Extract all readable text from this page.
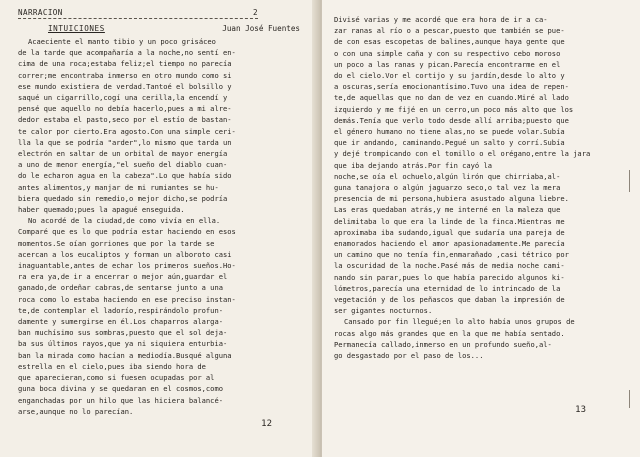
NARRACION	2
INTUICIONES	Juan José Fuentes
Acaeciente el manto tibio y un poco grisáceo
de la tarde que acompañaría a la noche,no sentí en-
cima de una roca;estaba feliz;el tiempo no parecía
correr;me encontraba inmerso en otro mundo como si
ese mundo existiera de verdad.Tantoé el bolsillo y
saqué un cigarrillo,cogí una cerilla,la encendí y
pensé que aquello no debía hacerlo,pues a mi alre-
dedor estaba el pasto,seco por el estío de bastan-
te calor por cierto.Era agosto.Con una simple ceri-
lla la que se podría "arder",lo mismo que tarda un
electrón en saltar de un orbital de mayor energía
a uno de menor energía,"el sueño del diablo cuan-
do le echaron agua en la cabeza".Lo que había sido
antes alimentos,y manjar de mi rumiantes se hu-
biera quedado sin remedio,o mejor dicho,se podría
haber quemado;pues la apagué enseguida.
No acordé de la ciudad,de como vivía en ella.
Comparé que es lo que podría estar haciendo en esos
momentos.Se oían gorriones que por la tarde se
acercan a los eucaliptos y forman un alboroto casi
inaguantable,antes de echar los primeros sueños.Ho-
ra era ya,de ir a encerrar o mejor aún,guardar el
ganado,de ordeñar cabras,de sentarse junto a una
roca como lo estaba haciendo en ese preciso instan-
te,de contemplar el ladorío,respirándolo profun-
damente y sumergirse en él.Los chaparros alarga-
ban muchísimo sus sombras,puesto que el sol deja-
ba sus últimos rayos,que ya ni siquiera enturbia-
ban la mirada como hacían a mediodía.Busqué alguna
estrella en el cielo,pues iba siendo hora de
que aparecieran,como si fuesen ocupadas por al
guna boca divina y se quedaran en el cosmos,como
enganchadas por un hilo que las hiciera balancé-
arse,aunque no lo parecían.
12
Divisé varias y me acordé que era hora de ir a ca-
zar ranas al río o a pescar,puesto que también se pue-
de con esas escopetas de balines,aunque haya gente que
o con una simple caña y con su respectivo cebo moroso
un poco a las ranas y pican.Parecía encontrarme en el
do el cielo.Vor el cortijo y su jardín,desde lo alto y
a oscuras,sería emocionantísimo.Tuvo una idea de repen-
te,de aquellas que no dan de vez en cuando.Miré al lado
izquierdo y me fijé en un cerro,un poco más alto que los
demás.Tenía que verlo todo desde allí arriba;puesto que
el género humano no tiene alas,no se puede volar.Subía
que ir andando, caminando.Pegué un salto y corrí.Subía
y dejé trompicando con el tomillo o el orégano,entre la jara
que iba dejando atrás.Por fin cayó la
noche,se oía el ochuelo,algún lirón que chirriaba,al-
guna tanajora o algún jaguarzo seco,o tal vez la mera
presencia de mi persona,hubiera asustado alguna liebre.
Las eras quedaban atrás,y me interné en la maleza que
delimitaba lo que era la linde de la finca.Mientras me
aproximaba iba sudando,igual que sudaría una pareja de
enamorados haciendo el amor apasionadamente.Me parecía
un camino que no tenía fin,enmarañado ,casi tétrico por
la oscuridad de la noche.Pasé más de media noche cami-
nando sin parar,pues lo que había parecido algunos ki-
lómetros,parecía una eternidad de lo intrincado de la
vegetación y de los peñascos que daban la impresión de
ser gigantes nocturnos.
Cansado por fin llegué;en lo alto había unos grupos de
rocas algo más grandes que en la que me había sentado.
Permanecía callado,inmerso en un profundo sueño,al-
go desgastado por el paso de los...
13
